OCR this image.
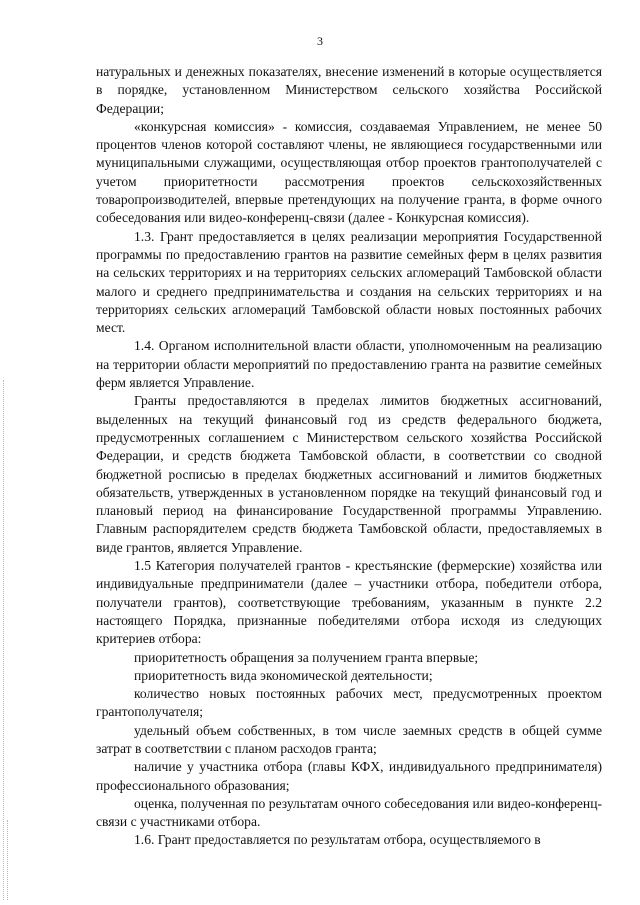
3

натуральных и денежных показателях, внесение изменений в которые осуществляется в порядке, установленном Министерством сельского хозяйства Российской Федерации;

«конкурсная комиссия» - комиссия, создаваемая Управлением, не менее 50 процентов членов которой составляют члены, не являющиеся государственными или муниципальными служащими, осуществляющая отбор проектов грантополучателей с учетом приоритетности рассмотрения проектов сельскохозяйственных товаропроизводителей, впервые претендующих на получение гранта, в форме очного собеседования или видео-конференц-связи (далее - Конкурсная комиссия).

1.3. Грант предоставляется в целях реализации мероприятия Государственной программы по предоставлению грантов на развитие семейных ферм в целях развития на сельских территориях и на территориях сельских агломераций Тамбовской области малого и среднего предпринимательства и создания на сельских территориях и на территориях сельских агломераций Тамбовской области новых постоянных рабочих мест.

1.4. Органом исполнительной власти области, уполномоченным на реализацию на территории области мероприятий по предоставлению гранта на развитие семейных ферм является Управление.

Гранты предоставляются в пределах лимитов бюджетных ассигнований, выделенных на текущий финансовый год из средств федерального бюджета, предусмотренных соглашением с Министерством сельского хозяйства Российской Федерации, и средств бюджета Тамбовской области, в соответствии со сводной бюджетной росписью в пределах бюджетных ассигнований и лимитов бюджетных обязательств, утвержденных в установленном порядке на текущий финансовый год и плановый период на финансирование Государственной программы Управлению. Главным распорядителем средств бюджета Тамбовской области, предоставляемых в виде грантов, является Управление.

1.5 Категория получателей грантов - крестьянские (фермерские) хозяйства или индивидуальные предприниматели (далее – участники отбора, победители отбора, получатели грантов), соответствующие требованиям, указанным в пункте 2.2 настоящего Порядка, признанные победителями отбора исходя из следующих критериев отбора:

приоритетность обращения за получением гранта впервые;

приоритетность вида экономической деятельности;

количество новых постоянных рабочих мест, предусмотренных проектом грантополучателя;

удельный объем собственных, в том числе заемных средств в общей сумме затрат в соответствии с планом расходов гранта;

наличие у участника отбора (главы КФХ, индивидуального предпринимателя) профессионального образования;

оценка, полученная по результатам очного собеседования или видео-конференц-связи с участниками отбора.

1.6. Грант предоставляется по результатам отбора, осуществляемого в
